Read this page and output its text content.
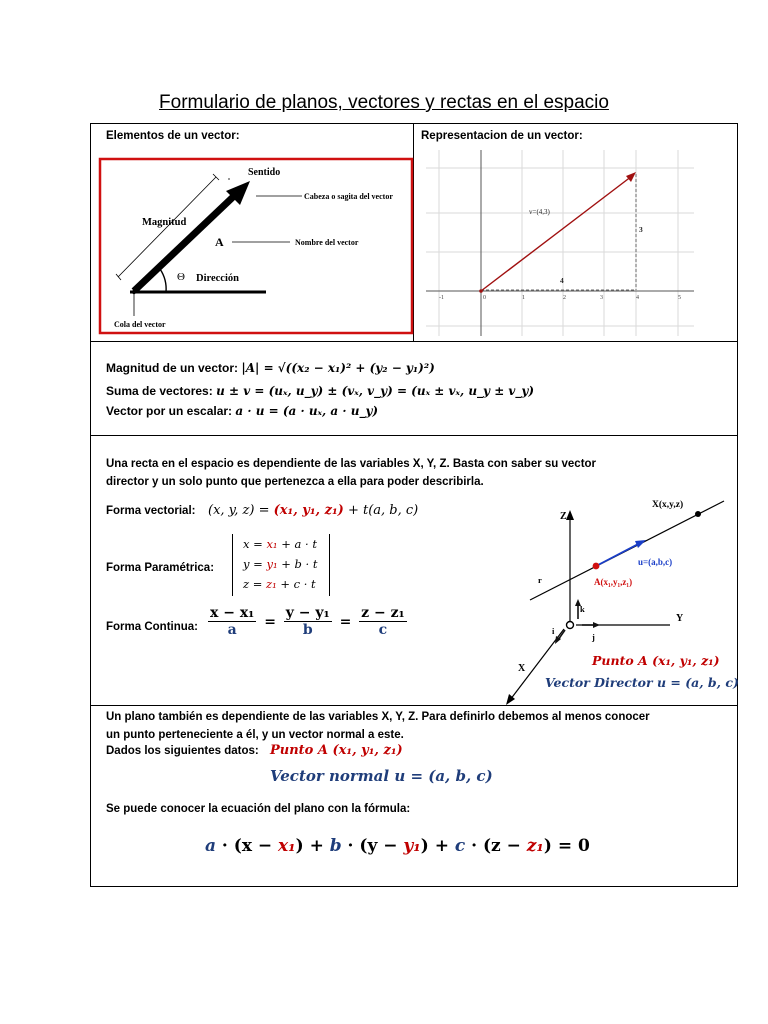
Formulario de planos, vectores y rectas en el espacio
Elementos de un vector:	Representacion de un vector:
Sentido
Cabeza o sagita del vector
Magnitud
A	Nombre del vector
Θ Dirección
Cola del vector
-1	0	1	2	3	4	5
v=(4,3)
3
4
Magnitud de un vector: |A| = √((x₂ − x₁)² + (y₂ − y₁)²)
Suma de vectores: u ± v = (uₓ, u_y) ± (vₓ, v_y) = (uₓ ± vₓ, u_y ± v_y)
Vector por un escalar: a · u = (a · uₓ, a · u_y)
Una recta en el espacio es dependiente de las variables X, Y, Z. Basta con saber su vector director y un solo punto que pertenezca a ella para poder describirla.
Forma vectorial: (x, y, z) = (x₁, y₁, z₁) + t(a, b, c)
Forma Paramétrica:
x = x₁ + a · t
y = y₁ + b · t
z = z₁ + c · t
Forma Continua: $\frac{\text{x − x₁}}{a} = \frac{\text{y − y₁}}{b} = \frac{\text{z − z₁}}{c}$
Z
Y
X
X(x,y,z)
u=(a,b,c)
A(x₁,y₁,z₁)
r
k
j
i
Punto A (x₁, y₁, z₁)
Vector Director u = (a, b, c)
Un plano también es dependiente de las variables X, Y, Z. Para definirlo debemos al menos conocer un punto perteneciente a él, y un vector normal a este.
Dados los siguientes datos: Punto A (x₁, y₁, z₁)
Vector normal u = (a, b, c)
Se puede conocer la ecuación del plano con la fórmula:
a · (x − x₁) + b · (y − y₁) + c · (z − z₁) = 0
